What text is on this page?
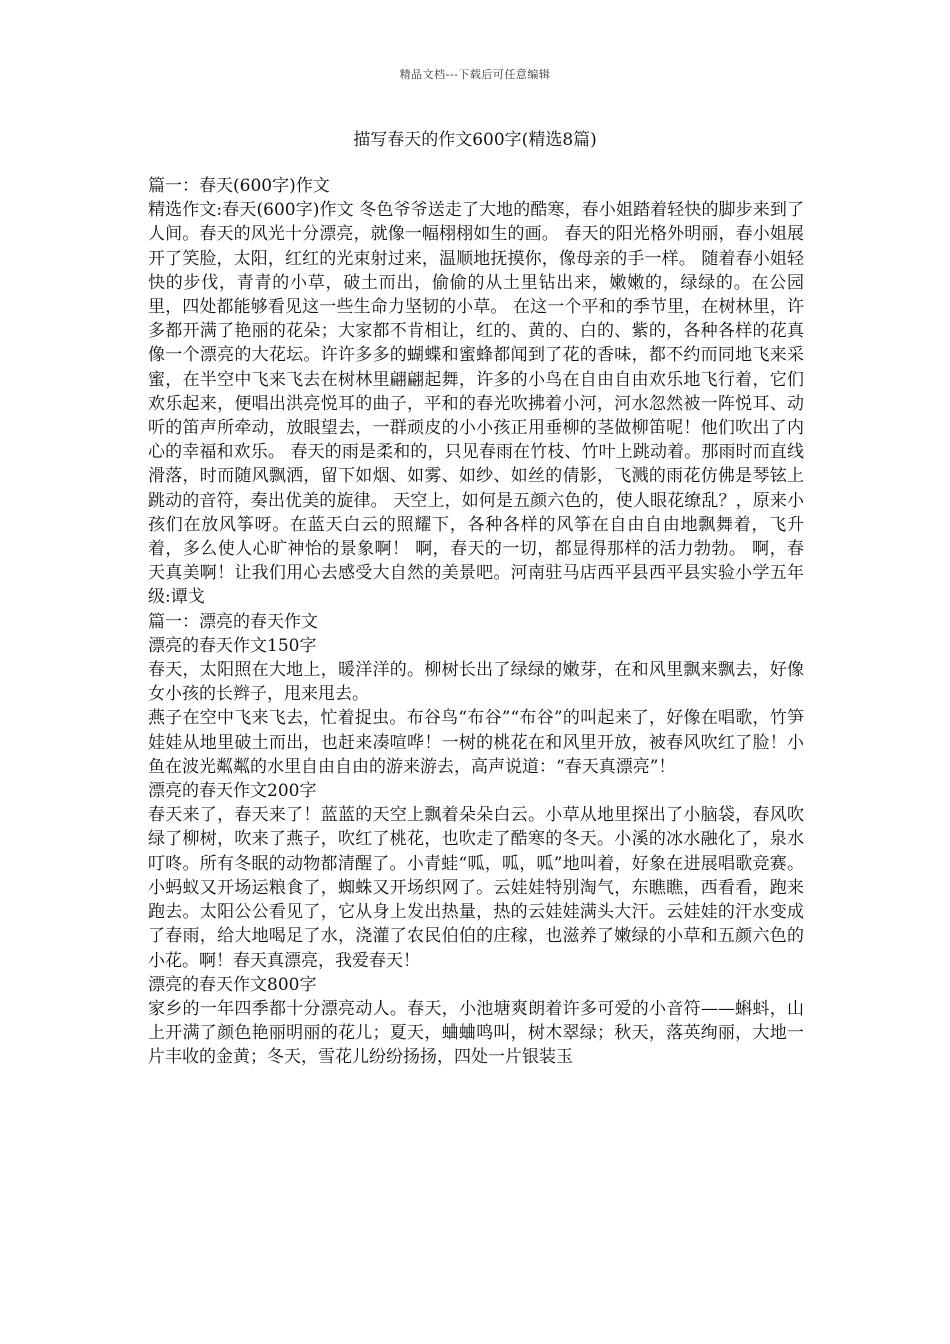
精品文档---下载后可任意编辑
描写春天的作文600字(精选8篇)

篇一：春天(600字)作文

精选作文:春天(600字)作文 冬色爷爷送走了大地的酷寒，春小姐踏着轻快的脚步来到了人间。春天的风光十分漂亮，就像一幅栩栩如生的画。 春天的阳光格外明丽，春小姐展开了笑脸，太阳，红红的光束射过来，温顺地抚摸你，像母亲的手一样。 随着春小姐轻快的步伐，青青的小草，破土而出，偷偷的从土里钻出来，嫩嫩的，绿绿的。在公园里，四处都能够看见这一些生命力坚韧的小草。 在这一个平和的季节里，在树林里，许多都开满了艳丽的花朵；大家都不肯相让，红的、黄的、白的、紫的，各种各样的花真像一个漂亮的大花坛。许许多多的蝴蝶和蜜蜂都闻到了花的香味，都不约而同地飞来采蜜，在半空中飞来飞去在树林里翩翩起舞，许多的小鸟在自由自由欢乐地飞行着，它们欢乐起来，便唱出洪亮悦耳的曲子，平和的春光吹拂着小河，河水忽然被一阵悦耳、动听的笛声所牵动，放眼望去，一群顽皮的小小孩正用垂柳的茎做柳笛呢！他们吹出了内心的幸福和欢乐。 春天的雨是柔和的，只见春雨在竹枝、竹叶上跳动着。那雨时而直线滑落，时而随风飘洒，留下如烟、如雾、如纱、如丝的倩影，飞溅的雨花仿佛是琴铉上跳动的音符，奏出优美的旋律。 天空上，如何是五颜六色的，使人眼花缭乱？，原来小孩们在放风筝呀。在蓝天白云的照耀下，各种各样的风筝在自由自由地飘舞着，飞升着，多么使人心旷神怡的景象啊！ 啊，春天的一切，都显得那样的活力勃勃。 啊，春天真美啊！让我们用心去感受大自然的美景吧。河南驻马店西平县西平县实验小学五年级:谭戈

篇一：漂亮的春天作文

漂亮的春天作文150字

春天，太阳照在大地上，暖洋洋的。柳树长出了绿绿的嫩芽，在和风里飘来飘去，好像女小孩的长辫子，甩来甩去。

燕子在空中飞来飞去，忙着捉虫。布谷鸟“布谷”“布谷”的叫起来了，好像在唱歌，竹笋娃娃从地里破土而出，也赶来凑喧哗！一树的桃花在和风里开放，被春风吹红了脸！小鱼在波光粼粼的水里自由自由的游来游去，高声说道：“春天真漂亮”！

漂亮的春天作文200字

春天来了，春天来了！蓝蓝的天空上飘着朵朵白云。小草从地里探出了小脑袋，春风吹绿了柳树，吹来了燕子，吹红了桃花，也吹走了酷寒的冬天。小溪的冰水融化了，泉水叮咚。所有冬眠的动物都清醒了。小青蛙“呱，呱，呱”地叫着，好象在进展唱歌竞赛。小蚂蚁又开场运粮食了，蜘蛛又开场织网了。云娃娃特别淘气，东瞧瞧，西看看，跑来跑去。太阳公公看见了，它从身上发出热量，热的云娃娃满头大汗。云娃娃的汗水变成了春雨，给大地喝足了水，浇灌了农民伯伯的庄稼，也滋养了嫩绿的小草和五颜六色的小花。啊！春天真漂亮，我爱春天！

漂亮的春天作文800字

家乡的一年四季都十分漂亮动人。春天，小池塘爽朗着许多可爱的小音符——蝌蚪，山上开满了颜色艳丽明丽的花儿；夏天，蛐蛐鸣叫，树木翠绿；秋天，落英绚丽，大地一片丰收的金黄；冬天，雪花儿纷纷扬扬，四处一片银装玉
